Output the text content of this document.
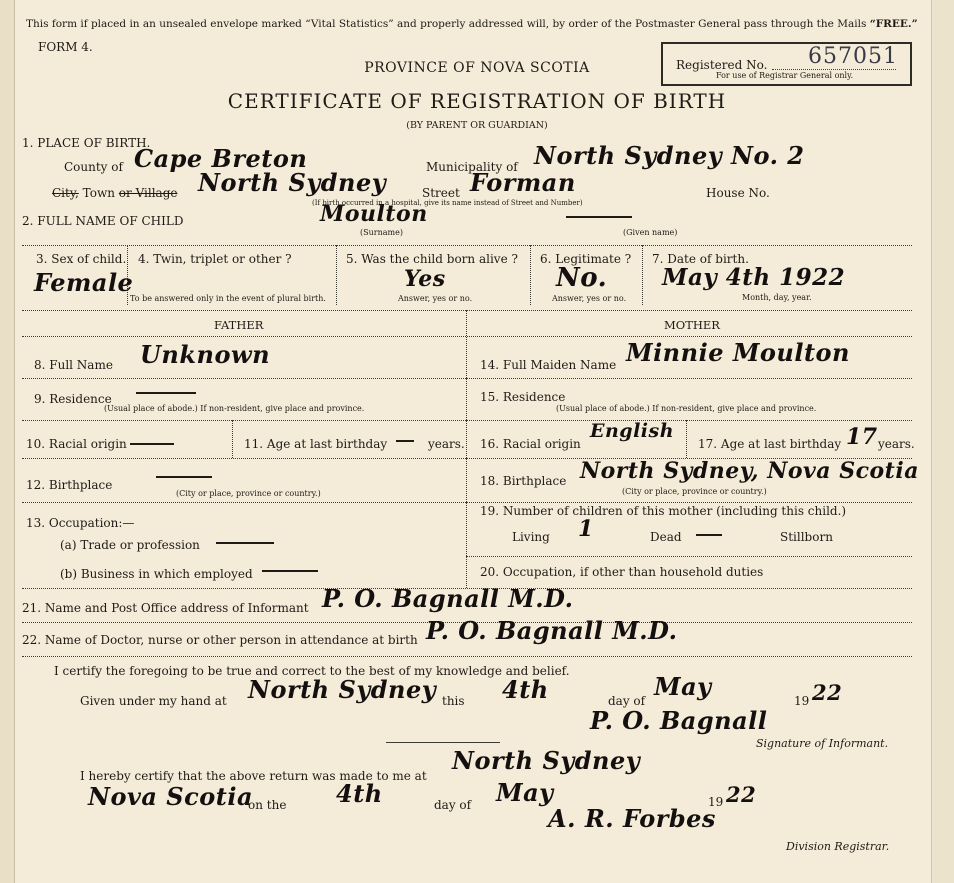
This form if placed in an unsealed envelope marked “Vital Statistics” and properly addressed will, by order of the Postmaster General pass through the Mails “FREE.”
FORM 4.
PROVINCE OF NOVA SCOTIA
CERTIFICATE OF REGISTRATION OF BIRTH
(BY PARENT OR GUARDIAN)
Registered No. 657051
For use of Registrar General only.
1. PLACE OF BIRTH.
County of Cape Breton	Municipality of North Sydney No. 2
City, Town or Village North Sydney	Street Forman	House No.
(If birth occurred in a hospital, give its name instead of Street and Number)
2. FULL NAME OF CHILD	Moulton
(Surname)	(Given name)
3. Sex of child.
Female
4. Twin, triplet or other ?
To be answered only in the event of plural birth.
5. Was the child born alive ?
Yes
Answer, yes or no.
6. Legitimate ?
No.
Answer, yes or no.
7. Date of birth.
May 4th 1922
Month, day, year.
FATHER	MOTHER
8. Full Name Unknown
9. Residence
(Usual place of abode.) If non-resident, give place and province.
10. Racial origin	11. Age at last birthday	years.
12. Birthplace
(City or place, province or country.)
13. Occupation:—
(a) Trade or profession
(b) Business in which employed
14. Full Maiden Name Minnie Moulton
15. Residence
(Usual place of abode.) If non-resident, give place and province.
16. Racial origin
English
17. Age at last birthday 17 years.
18. Birthplace North Sydney, Nova Scotia
(City or place, province or country.)
19. Number of children of this mother (including this child.)
Living 1	Dead	Stillborn
20. Occupation, if other than household duties
21. Name and Post Office address of Informant P. O. Bagnall M.D.
22. Name of Doctor, nurse or other person in attendance at birth P. O. Bagnall M.D.
I certify the foregoing to be true and correct to the best of my knowledge and belief.
Given under my hand at North Sydney this 4th	day of May	19 22
P. O. Bagnall
Signature of Informant.
I hereby certify that the above return was made to me at
North Sydney
Nova Scotia
on the 4th	day of May	19 22
A. R. Forbes
Division Registrar.
